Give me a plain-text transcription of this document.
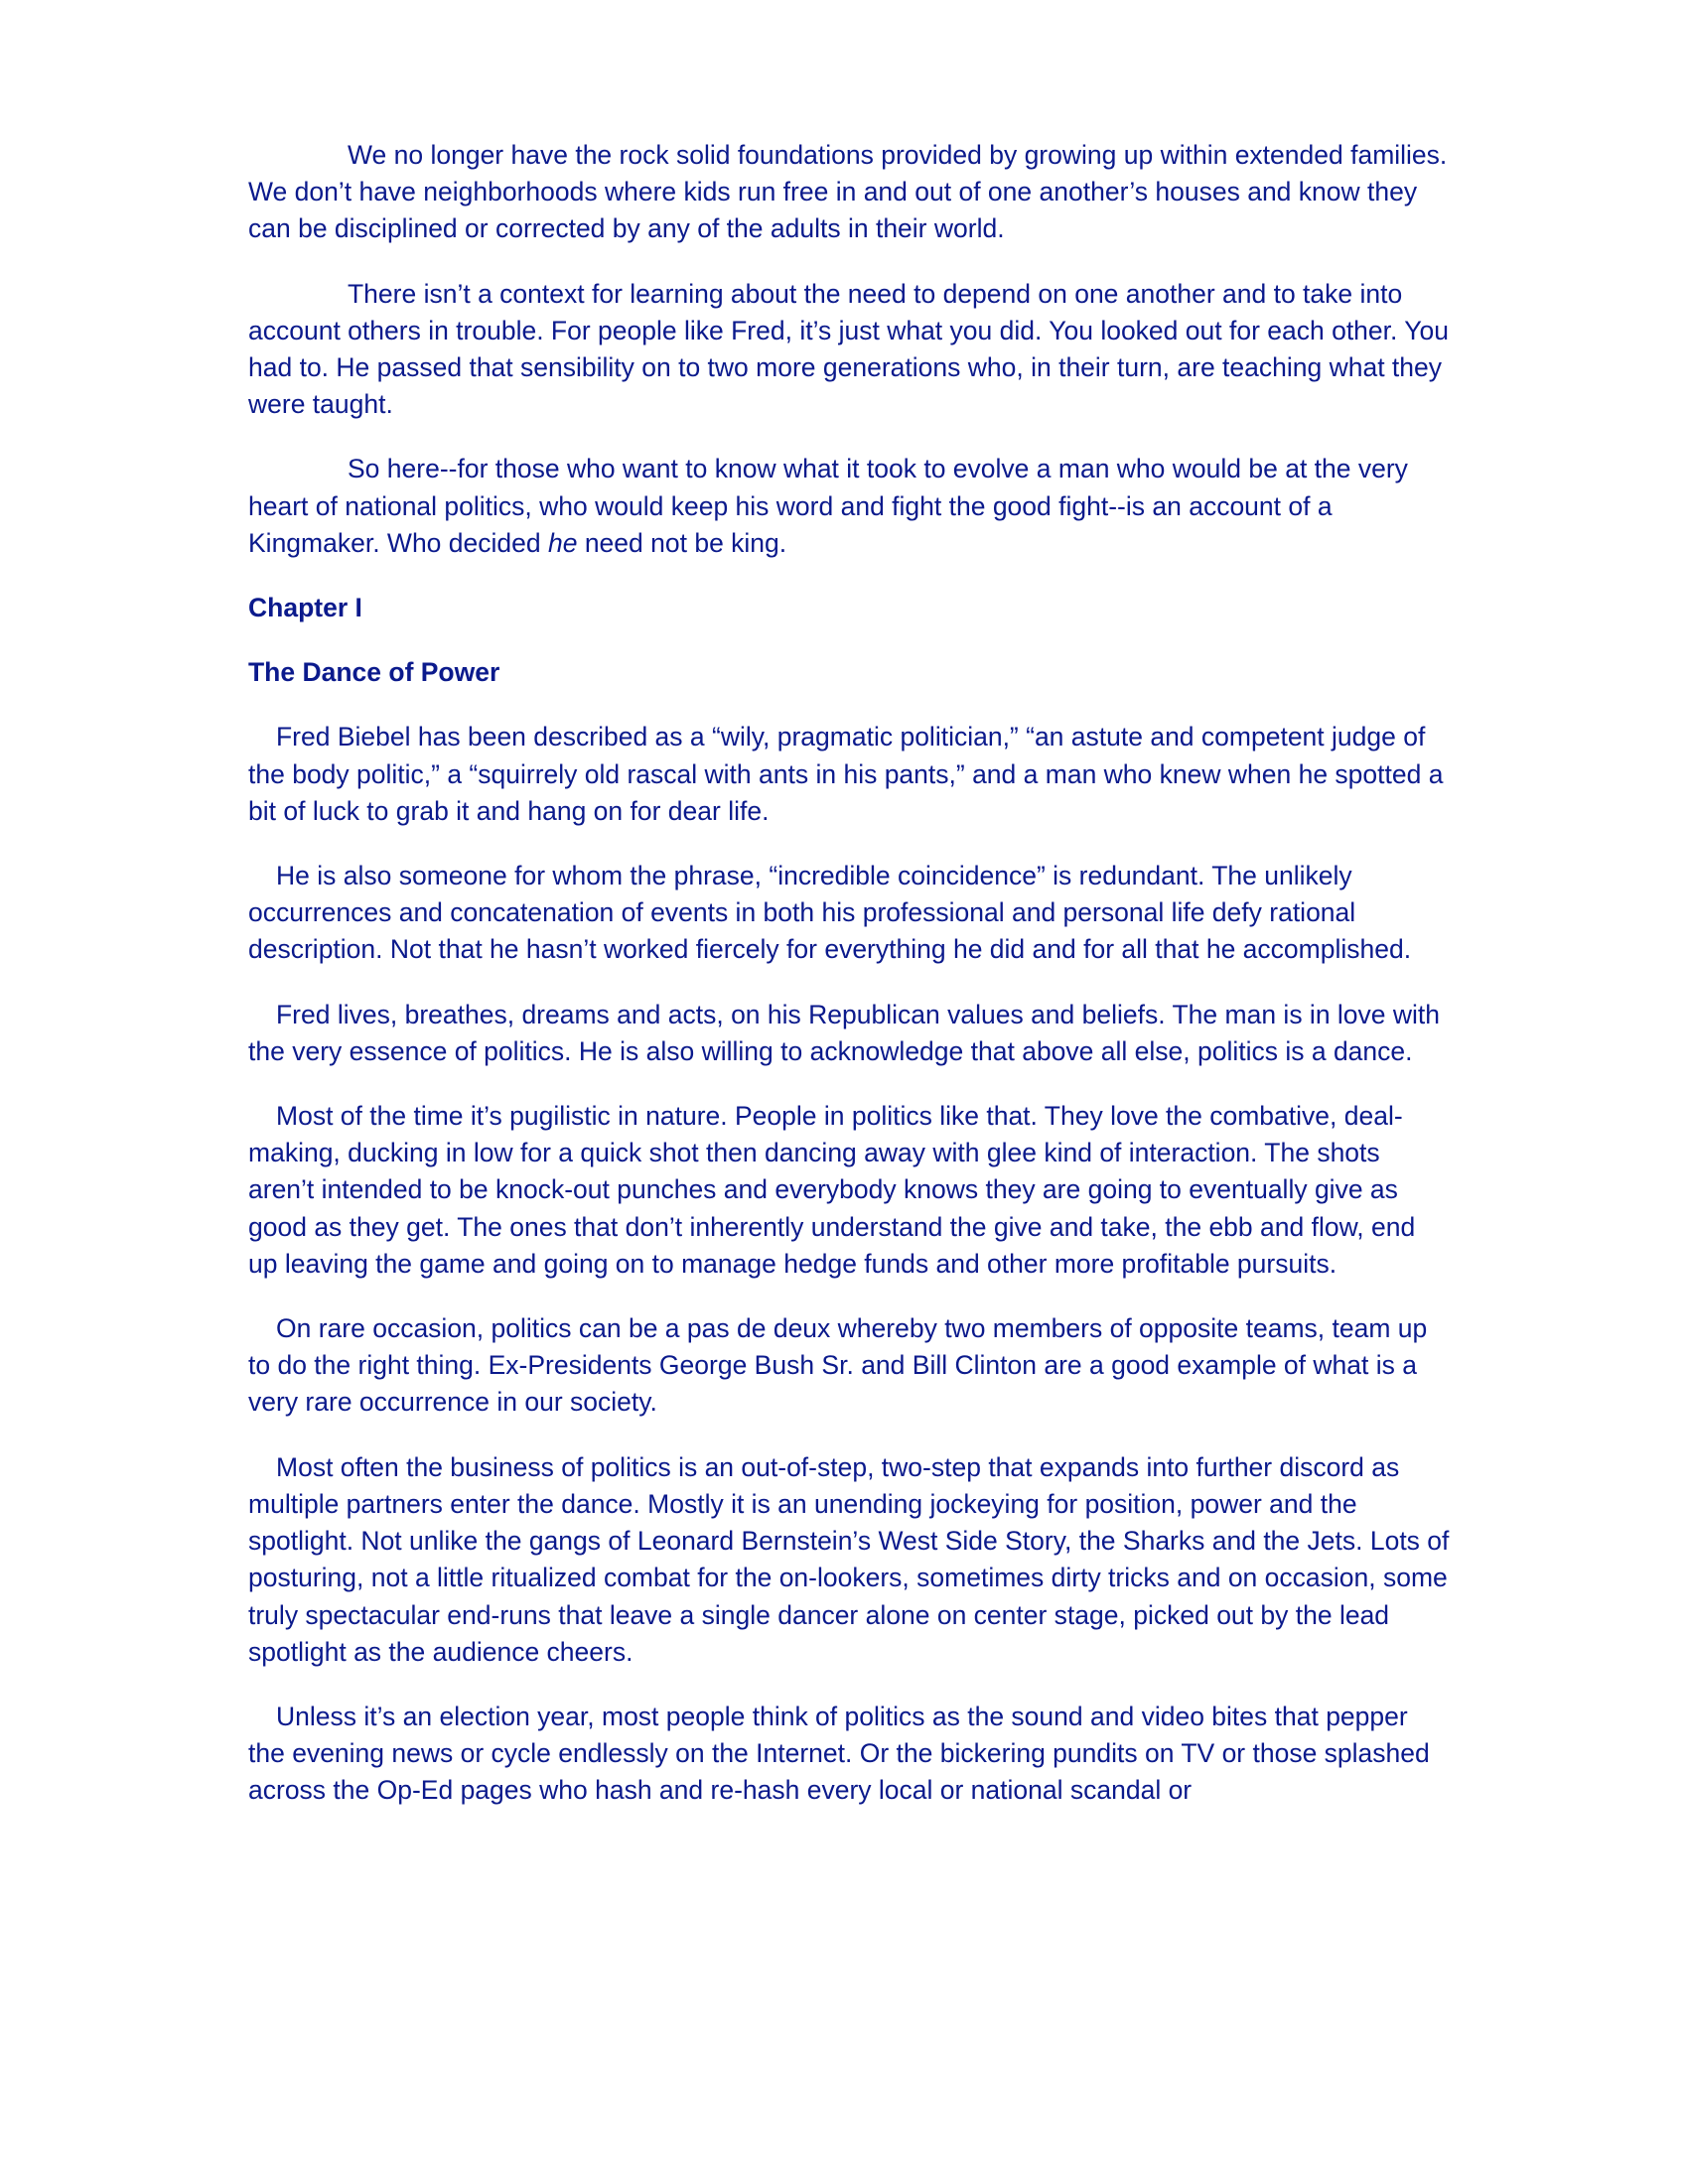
We no longer have the rock solid foundations provided by growing up within extended families. We don’t have neighborhoods where kids run free in and out of one another’s houses and know they can be disciplined or corrected by any of the adults in their world.

There isn’t a context for learning about the need to depend on one another and to take into account others in trouble. For people like Fred, it’s just what you did. You looked out for each other. You had to. He passed that sensibility on to two more generations who, in their turn, are teaching what they were taught.

So here--for those who want to know what it took to evolve a man who would be at the very heart of national politics, who would keep his word and fight the good fight--is an account of a Kingmaker. Who decided he need not be king.

Chapter I

The Dance of Power

Fred Biebel has been described as a “wily, pragmatic politician,” “an astute and competent judge of the body politic,” a “squirrely old rascal with ants in his pants,” and a man who knew when he spotted a bit of luck to grab it and hang on for dear life.

He is also someone for whom the phrase, “incredible coincidence” is redundant. The unlikely occurrences and concatenation of events in both his professional and personal life defy rational description. Not that he hasn’t worked fiercely for everything he did and for all that he accomplished.

Fred lives, breathes, dreams and acts, on his Republican values and beliefs. The man is in love with the very essence of politics. He is also willing to acknowledge that above all else, politics is a dance.

Most of the time it’s pugilistic in nature. People in politics like that. They love the combative, deal-making, ducking in low for a quick shot then dancing away with glee kind of interaction. The shots aren’t intended to be knock-out punches and everybody knows they are going to eventually give as good as they get. The ones that don’t inherently understand the give and take, the ebb and flow, end up leaving the game and going on to manage hedge funds and other more profitable pursuits.

On rare occasion, politics can be a pas de deux whereby two members of opposite teams, team up to do the right thing. Ex-Presidents George Bush Sr. and Bill Clinton are a good example of what is a very rare occurrence in our society.

Most often the business of politics is an out-of-step, two-step that expands into further discord as multiple partners enter the dance. Mostly it is an unending jockeying for position, power and the spotlight. Not unlike the gangs of Leonard Bernstein’s West Side Story, the Sharks and the Jets. Lots of posturing, not a little ritualized combat for the on-lookers, sometimes dirty tricks and on occasion, some truly spectacular end-runs that leave a single dancer alone on center stage, picked out by the lead spotlight as the audience cheers.

Unless it’s an election year, most people think of politics as the sound and video bites that pepper the evening news or cycle endlessly on the Internet. Or the bickering pundits on TV or those splashed across the Op-Ed pages who hash and re-hash every local or national scandal or
